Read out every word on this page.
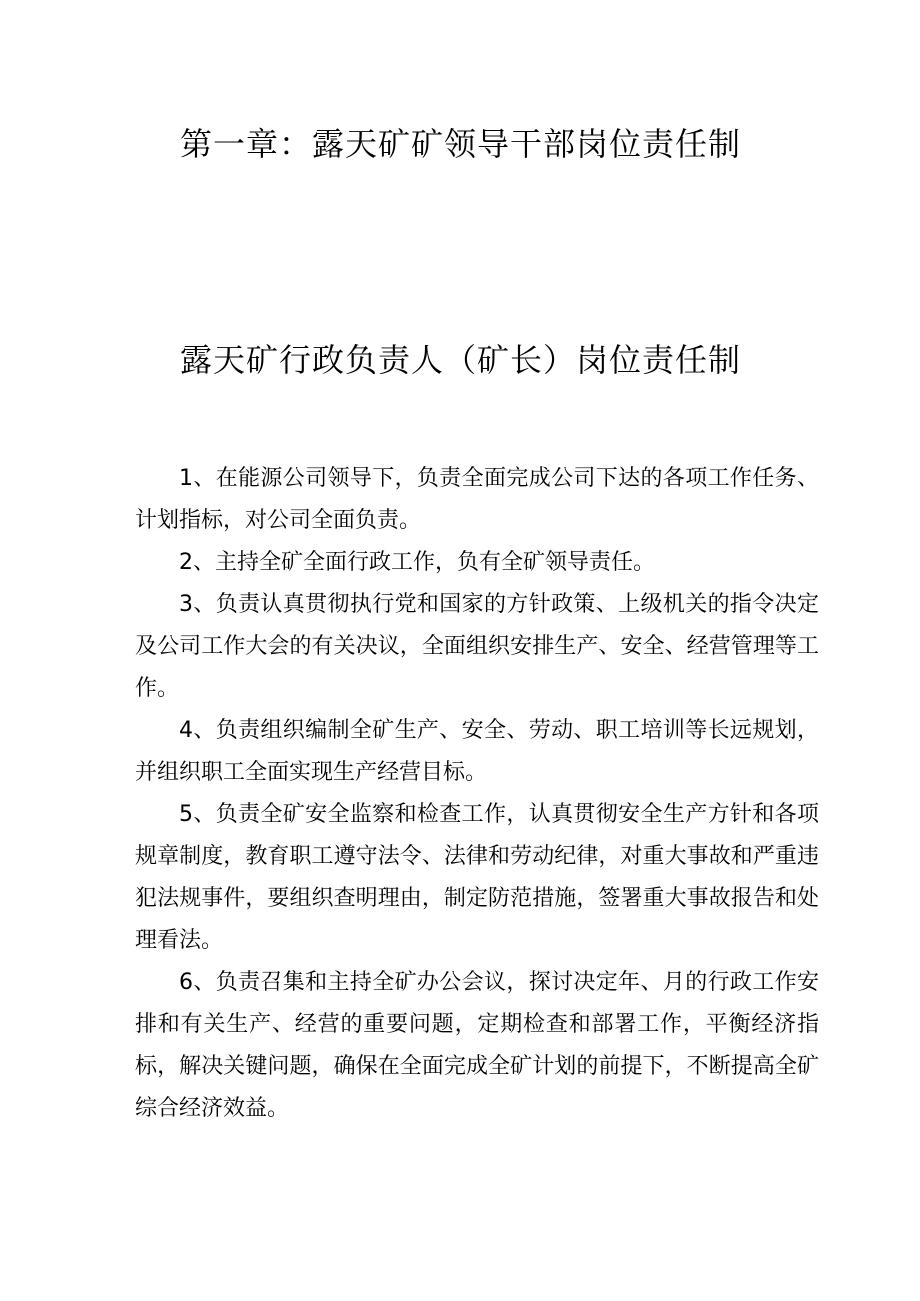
第一章：露天矿矿领导干部岗位责任制
露天矿行政负责人（矿长）岗位责任制

1、在能源公司领导下，负责全面完成公司下达的各项工作任务、计划指标，对公司全面负责。

2、主持全矿全面行政工作，负有全矿领导责任。

3、负责认真贯彻执行党和国家的方针政策、上级机关的指令决定及公司工作大会的有关决议，全面组织安排生产、安全、经营管理等工作。

4、负责组织编制全矿生产、安全、劳动、职工培训等长远规划，并组织职工全面实现生产经营目标。

5、负责全矿安全监察和检查工作，认真贯彻安全生产方针和各项规章制度，教育职工遵守法令、法律和劳动纪律，对重大事故和严重违犯法规事件，要组织查明理由，制定防范措施，签署重大事故报告和处理看法。

6、负责召集和主持全矿办公会议，探讨决定年、月的行政工作安排和有关生产、经营的重要问题，定期检查和部署工作，平衡经济指标，解决关键问题，确保在全面完成全矿计划的前提下，不断提高全矿综合经济效益。
